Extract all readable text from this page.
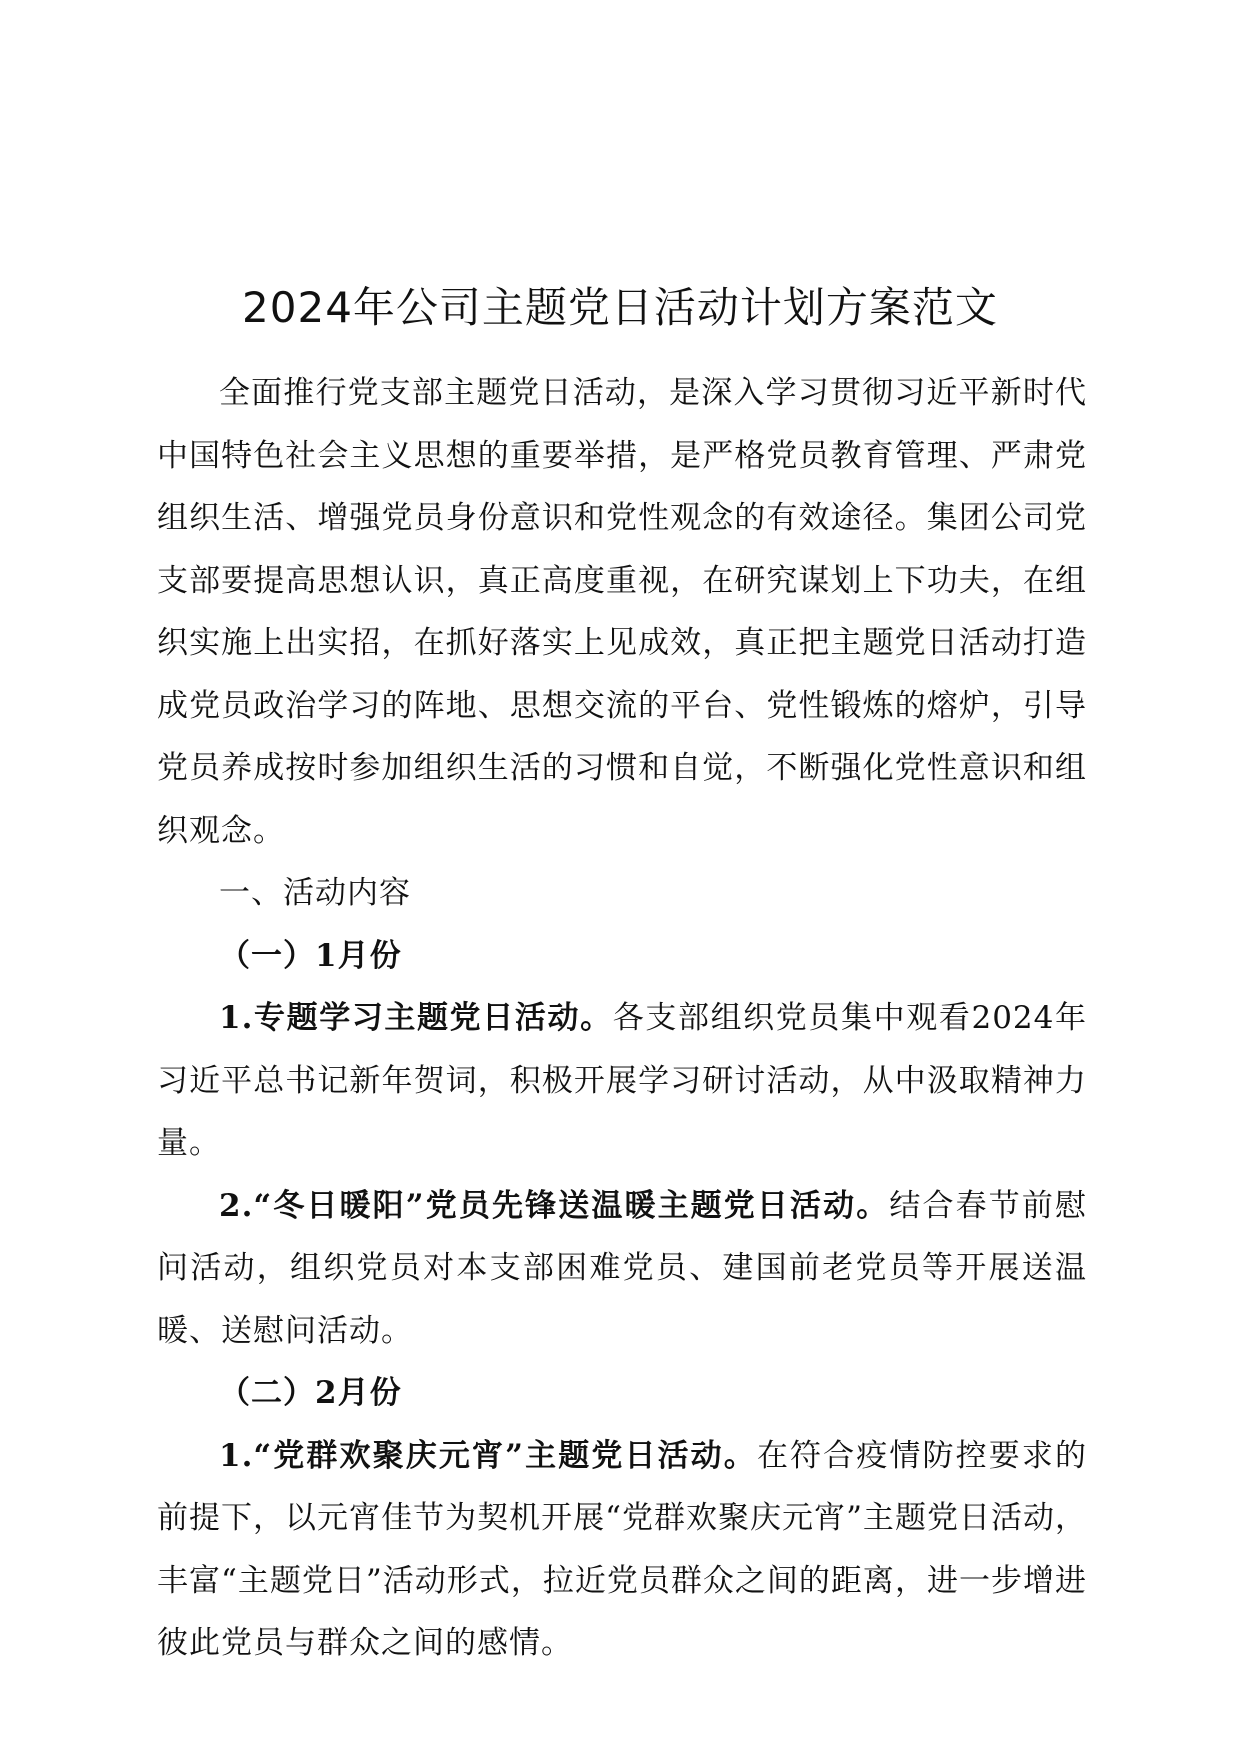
2024年公司主题党日活动计划方案范文

全面推行党支部主题党日活动，是深入学习贯彻习近平新时代中国特色社会主义思想的重要举措，是严格党员教育管理、严肃党组织生活、增强党员身份意识和党性观念的有效途径。集团公司党支部要提高思想认识，真正高度重视，在研究谋划上下功夫，在组织实施上出实招，在抓好落实上见成效，真正把主题党日活动打造成党员政治学习的阵地、思想交流的平台、党性锻炼的熔炉，引导党员养成按时参加组织生活的习惯和自觉，不断强化党性意识和组织观念。

一、活动内容

（一）1月份

1.专题学习主题党日活动。各支部组织党员集中观看2024年习近平总书记新年贺词，积极开展学习研讨活动，从中汲取精神力量。

2.“冬日暖阳”党员先锋送温暖主题党日活动。结合春节前慰问活动，组织党员对本支部困难党员、建国前老党员等开展送温暖、送慰问活动。

（二）2月份

1.“党群欢聚庆元宵”主题党日活动。在符合疫情防控要求的前提下，以元宵佳节为契机开展“党群欢聚庆元宵”主题党日活动，丰富“主题党日”活动形式，拉近党员群众之间的距离，进一步增进彼此党员与群众之间的感情。
